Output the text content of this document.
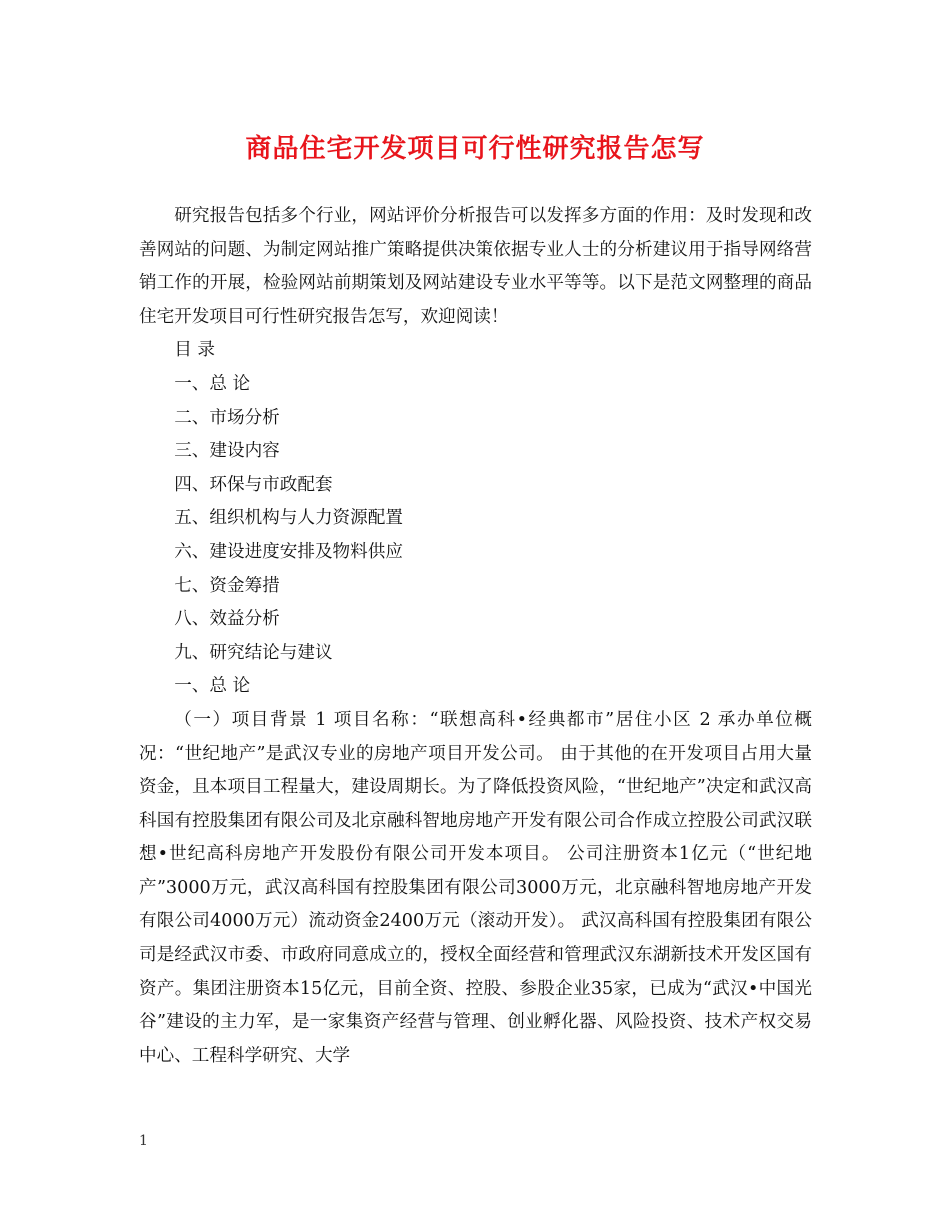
商品住宅开发项目可行性研究报告怎写

研究报告包括多个行业，网站评价分析报告可以发挥多方面的作用：及时发现和改善网站的问题、为制定网站推广策略提供决策依据专业人士的分析建议用于指导网络营销工作的开展，检验网站前期策划及网站建设专业水平等等。以下是范文网整理的商品住宅开发项目可行性研究报告怎写，欢迎阅读！

目 录

一、总 论

二、市场分析

三、建设内容

四、环保与市政配套

五、组织机构与人力资源配置

六、建设进度安排及物料供应

七、资金筹措

八、效益分析

九、研究结论与建议

一、总 论

（一）项目背景 1 项目名称：“联想高科•经典都市”居住小区 2 承办单位概况：“世纪地产”是武汉专业的房地产项目开发公司。 由于其他的在开发项目占用大量资金，且本项目工程量大，建设周期长。为了降低投资风险，“世纪地产”决定和武汉高科国有控股集团有限公司及北京融科智地房地产开发有限公司合作成立控股公司武汉联想•世纪高科房地产开发股份有限公司开发本项目。 公司注册资本1亿元（“世纪地产”3000万元，武汉高科国有控股集团有限公司3000万元，北京融科智地房地产开发有限公司4000万元）流动资金2400万元（滚动开发）。 武汉高科国有控股集团有限公司是经武汉市委、市政府同意成立的，授权全面经营和管理武汉东湖新技术开发区国有资产。集团注册资本15亿元，目前全资、控股、参股企业35家，已成为“武汉•中国光谷”建设的主力军，是一家集资产经营与管理、创业孵化器、风险投资、技术产权交易中心、工程科学研究、大学

1
